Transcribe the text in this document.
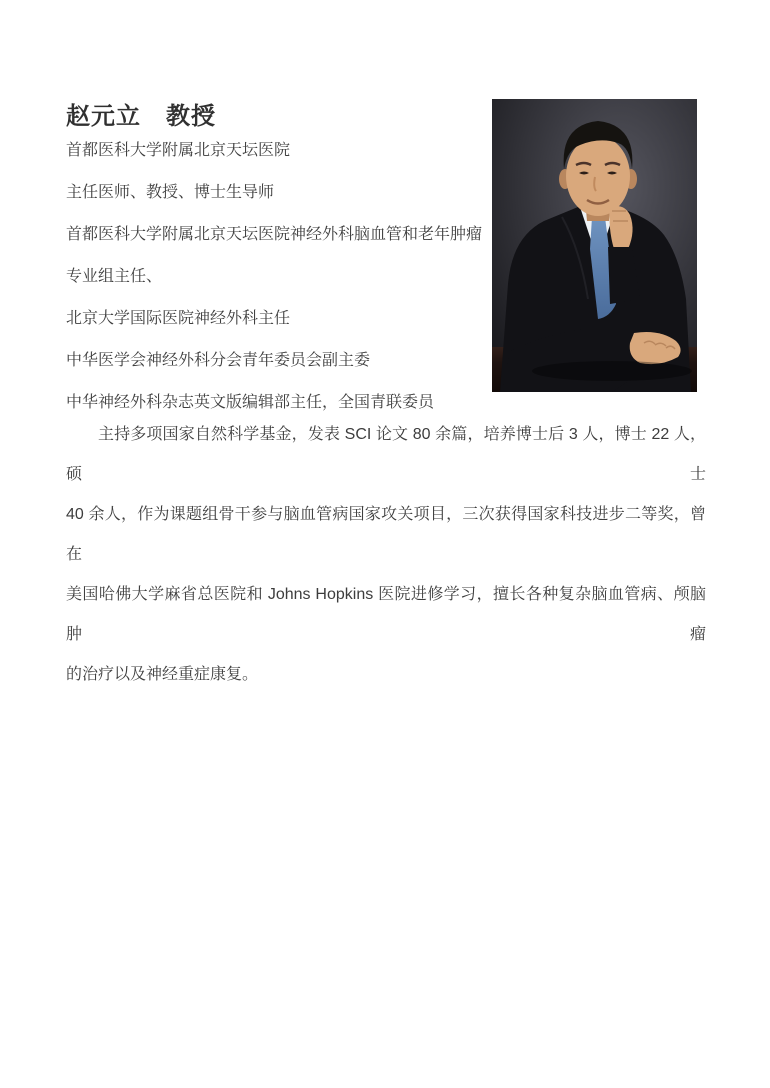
赵元立　教授
首都医科大学附属北京天坛医院
主任医师、教授、博士生导师
首都医科大学附属北京天坛医院神经外科脑血管和老年肿瘤
专业组主任、
北京大学国际医院神经外科主任
中华医学会神经外科分会青年委员会副主委
中华神经外科杂志英文版编辑部主任，全国青联委员
主持多项国家自然科学基金，发表 SCI 论文 80 余篇，培养博士后 3 人，博士 22 人，硕士
40 余人，作为课题组骨干参与脑血管病国家攻关项目，三次获得国家科技进步二等奖，曾在
美国哈佛大学麻省总医院和 Johns Hopkins 医院进修学习，擅长各种复杂脑血管病、颅脑肿瘤
的治疗以及神经重症康复。
